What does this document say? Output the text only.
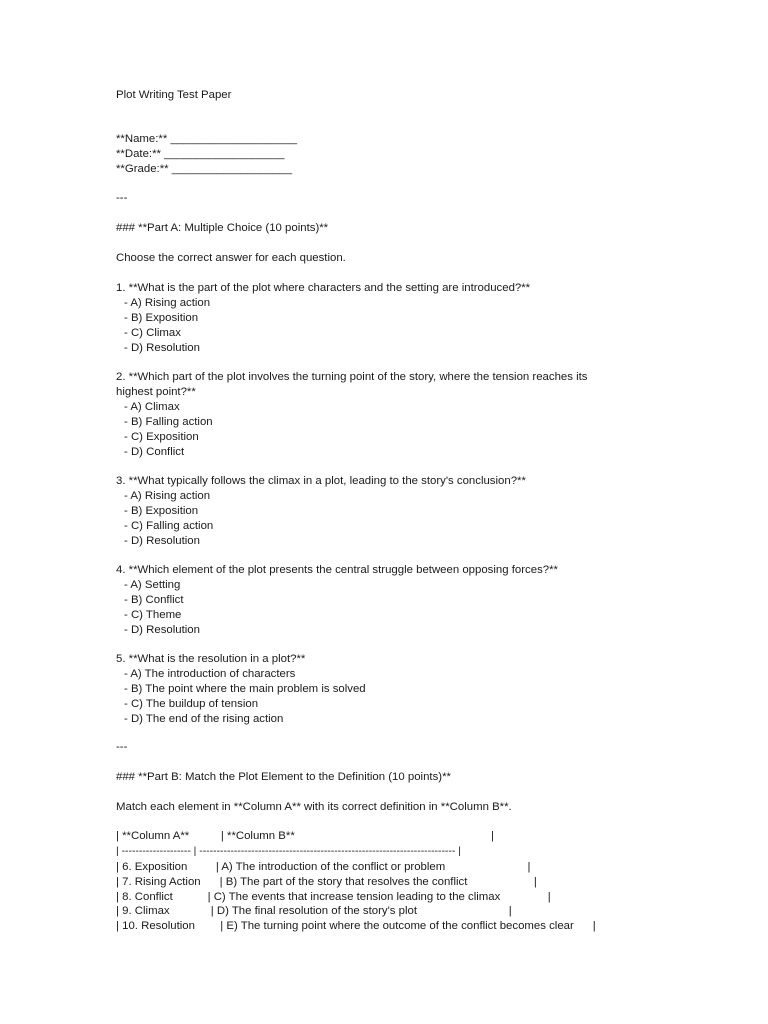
Plot Writing Test Paper
**Name:** ____________________
**Date:** ___________________
**Grade:** ___________________
---
### **Part A: Multiple Choice (10 points)**
Choose the correct answer for each question.
1. **What is the part of the plot where characters and the setting are introduced?**
- A) Rising action
- B) Exposition
- C) Climax
- D) Resolution
2. **Which part of the plot involves the turning point of the story, where the tension reaches its
highest point?**
- A) Climax
- B) Falling action
- C) Exposition
- D) Conflict
3. **What typically follows the climax in a plot, leading to the story's conclusion?**
- A) Rising action
- B) Exposition
- C) Falling action
- D) Resolution
4. **Which element of the plot presents the central struggle between opposing forces?**
- A) Setting
- B) Conflict
- C) Theme
- D) Resolution
5. **What is the resolution in a plot?**
- A) The introduction of characters
- B) The point where the main problem is solved
- C) The buildup of tension
- D) The end of the rising action
---
### **Part B: Match the Plot Element to the Definition (10 points)**
Match each element in **Column A** with its correct definition in **Column B**.
| **Column A**          | **Column B**                                                              |
| -------------------- | -------------------------------------------------------------------------- |
| 6. Exposition         | A) The introduction of the conflict or problem                          |
| 7. Rising Action      | B) The part of the story that resolves the conflict                     |
| 8. Conflict           | C) The events that increase tension leading to the climax               |
| 9. Climax             | D) The final resolution of the story's plot                             |
| 10. Resolution        | E) The turning point where the outcome of the conflict becomes clear      |
